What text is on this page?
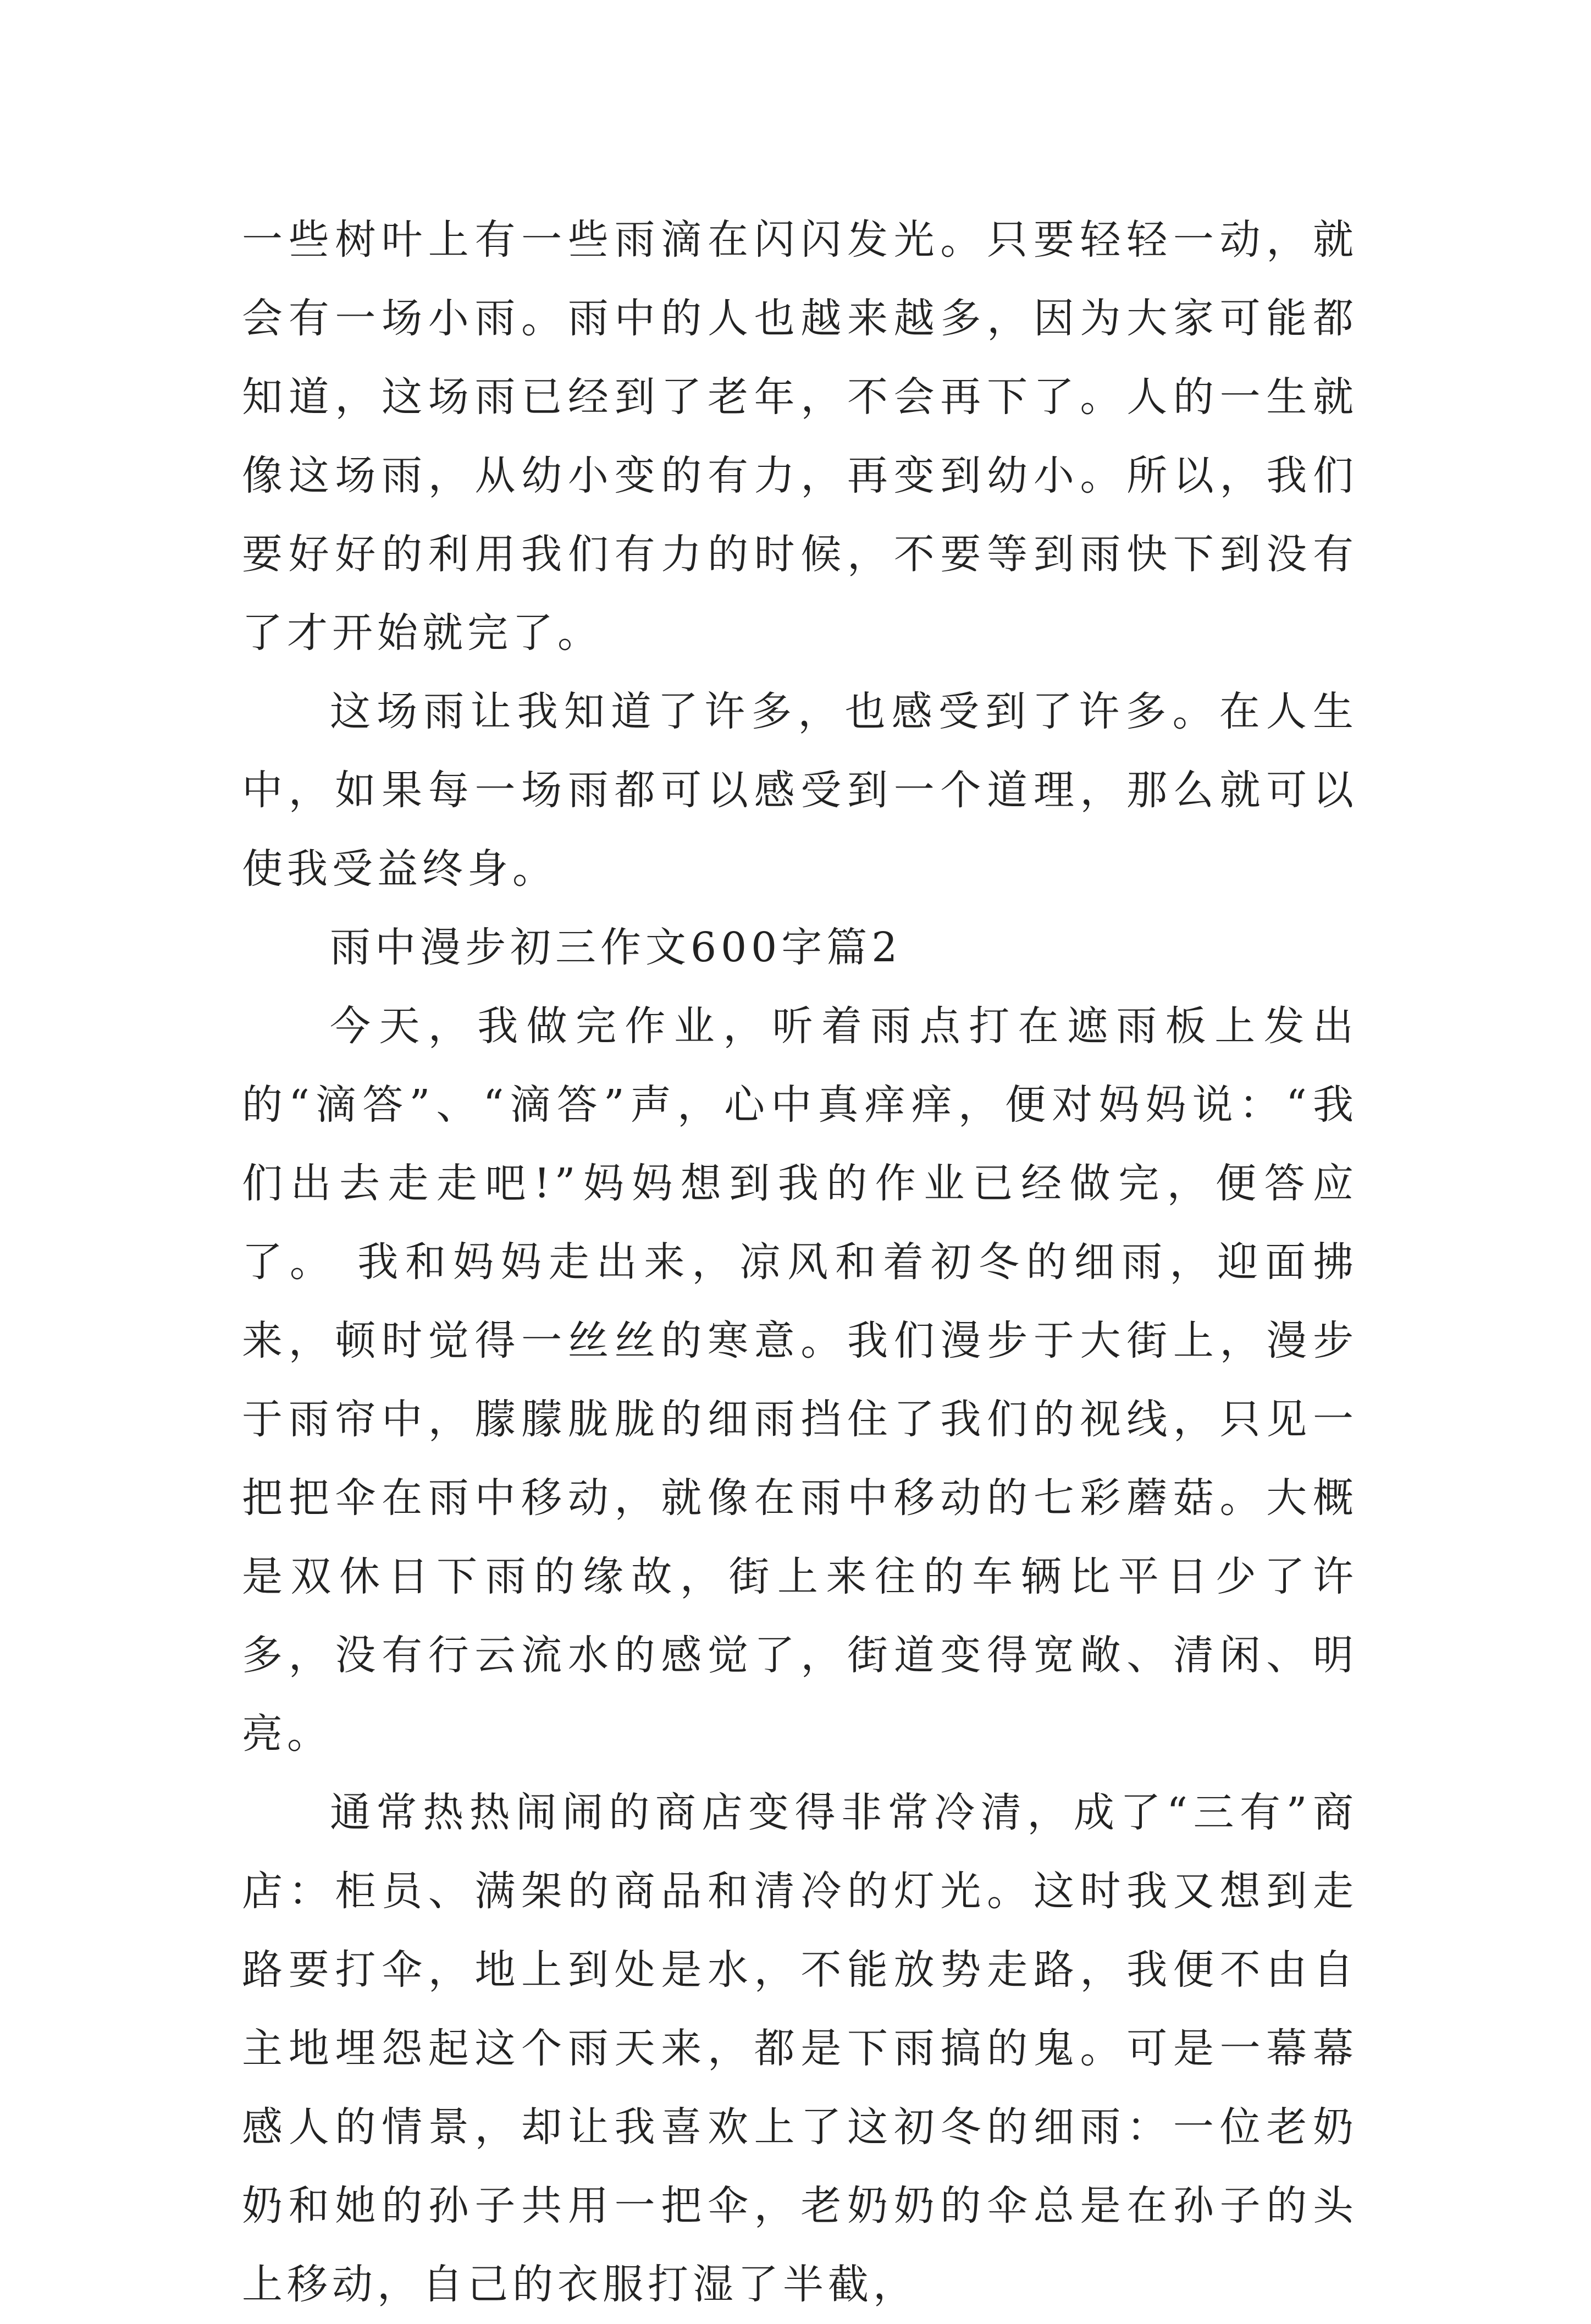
一些树叶上有一些雨滴在闪闪发光。只要轻轻一动，就会有一场小雨。雨中的人也越来越多，因为大家可能都知道，这场雨已经到了老年，不会再下了。人的一生就像这场雨，从幼小变的有力，再变到幼小。所以，我们要好好的利用我们有力的时候，不要等到雨快下到没有了才开始就完了。

这场雨让我知道了许多，也感受到了许多。在人生中，如果每一场雨都可以感受到一个道理，那么就可以使我受益终身。

雨中漫步初三作文600字篇2

今天，我做完作业，听着雨点打在遮雨板上发出的“滴答”、“滴答”声，心中真痒痒，便对妈妈说：“我们出去走走吧!”妈妈想到我的作业已经做完，便答应了。 我和妈妈走出来，凉风和着初冬的细雨，迎面拂来，顿时觉得一丝丝的寒意。我们漫步于大街上，漫步于雨帘中，朦朦胧胧的细雨挡住了我们的视线，只见一把把伞在雨中移动，就像在雨中移动的七彩蘑菇。大概是双休日下雨的缘故，街上来往的车辆比平日少了许多，没有行云流水的感觉了，街道变得宽敞、清闲、明亮。

通常热热闹闹的商店变得非常冷清，成了“三有”商店：柜员、满架的商品和清冷的灯光。这时我又想到走路要打伞，地上到处是水，不能放势走路，我便不由自主地埋怨起这个雨天来，都是下雨搞的鬼。可是一幕幕感人的情景，却让我喜欢上了这初冬的细雨：一位老奶奶和她的孙子共用一把伞，老奶奶的伞总是在孙子的头上移动，自己的衣服打湿了半截，
